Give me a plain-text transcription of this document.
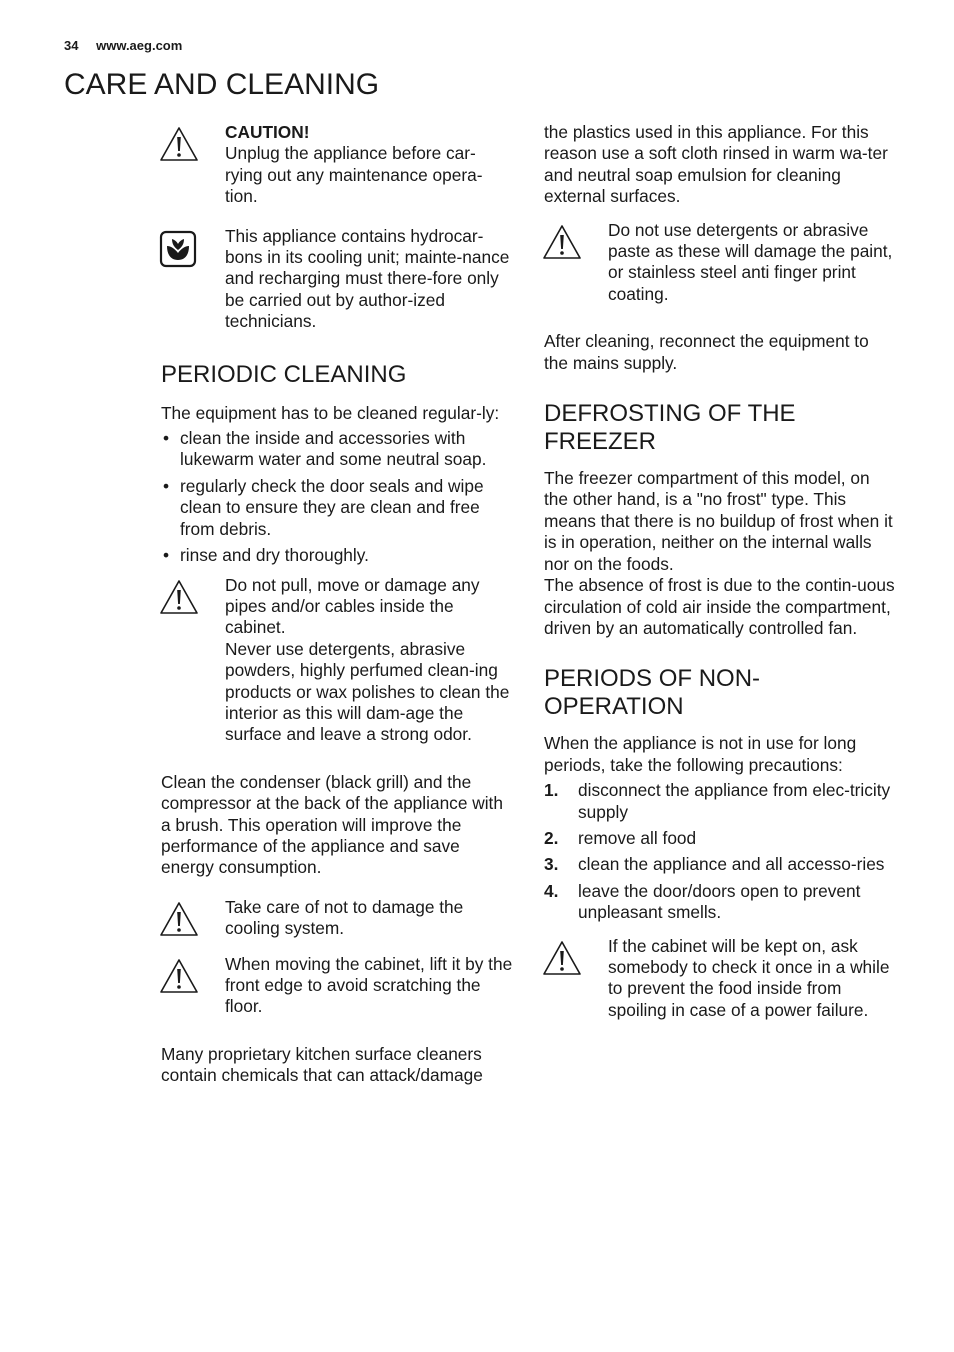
34 www.aeg.com
CARE AND CLEANING

CAUTION!

Unplug the appliance before car-rying out any maintenance opera-tion.

This appliance contains hydrocar-bons in its cooling unit; mainte-nance and recharging must there-fore only be carried out by author-ized technicians.

PERIODIC CLEANING

The equipment has to be cleaned regular-ly:

• clean the inside and accessories with lukewarm water and some neutral soap.
• regularly check the door seals and wipe clean to ensure they are clean and free from debris.
• rinse and dry thoroughly.

Do not pull, move or damage any pipes and/or cables inside the cabinet.

Never use detergents, abrasive powders, highly perfumed clean-ing products or wax polishes to clean the interior as this will dam-age the surface and leave a strong odor.

Clean the condenser (black grill) and the compressor at the back of the appliance with a brush. This operation will improve the performance of the appliance and save energy consumption.

Take care of not to damage the cooling system.

When moving the cabinet, lift it by the front edge to avoid scratching the floor.

Many proprietary kitchen surface cleaners contain chemicals that can attack/damage

the plastics used in this appliance. For this reason use a soft cloth rinsed in warm wa-ter and neutral soap emulsion for cleaning external surfaces.

Do not use detergents or abrasive paste as these will damage the paint, or stainless steel anti finger print coating.

After cleaning, reconnect the equipment to the mains supply.

DEFROSTING OF THE FREEZER

The freezer compartment of this model, on the other hand, is a "no frost" type. This means that there is no buildup of frost when it is in operation, neither on the internal walls nor on the foods.

The absence of frost is due to the contin-uous circulation of cold air inside the compartment, driven by an automatically controlled fan.

PERIODS OF NON-OPERATION

When the appliance is not in use for long periods, take the following precautions:

1. disconnect the appliance from elec-tricity supply
2. remove all food
3. clean the appliance and all accesso-ries
4. leave the door/doors open to prevent unpleasant smells.

If the cabinet will be kept on, ask somebody to check it once in a while to prevent the food inside from spoiling in case of a power failure.
